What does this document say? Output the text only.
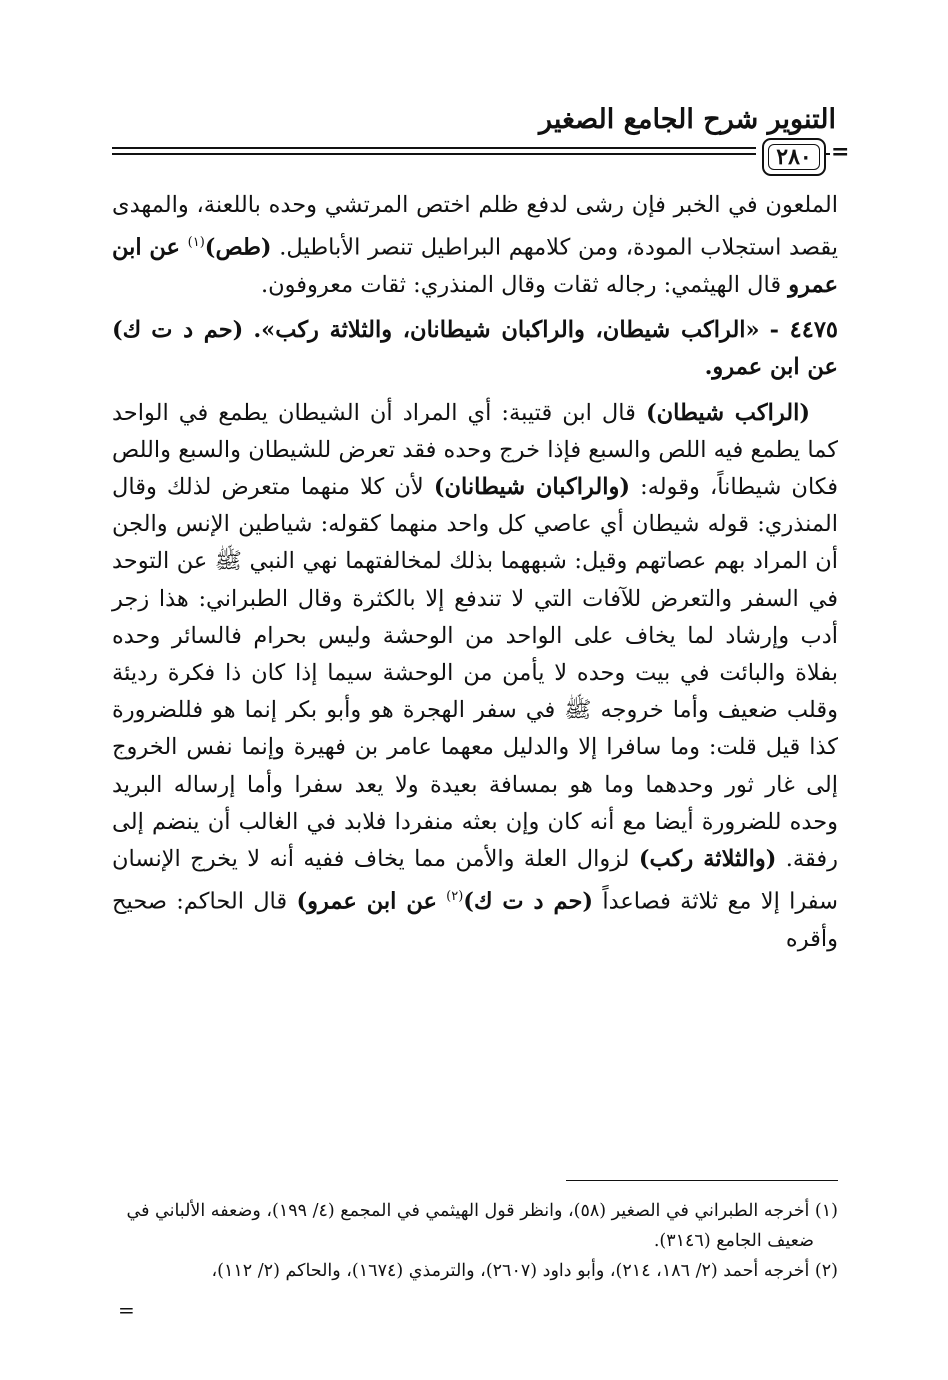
التنوير شرح الجامع الصغير
٢٨٠ =

الملعون في الخبر فإن رشى لدفع ظلم اختص المرتشي وحده باللعنة، والمهدى يقصد استجلاب المودة، ومن كلامهم البراطيل تنصر الأباطيل. (طص)$^{(١)}$ عن ابن عمرو قال الهيثمي: رجاله ثقات وقال المنذري: ثقات معروفون.

٤٤٧٥ - «الراكب شيطان، والراكبان شيطانان، والثلاثة ركب». (حم د ت ك) عن ابن عمرو.

(الراكب شيطان) قال ابن قتيبة: أي المراد أن الشيطان يطمع في الواحد كما يطمع فيه اللص والسبع فإذا خرج وحده فقد تعرض للشيطان والسبع واللص فكان شيطاناً، وقوله: (والراكبان شيطانان) لأن كلا منهما متعرض لذلك وقال المنذري: قوله شيطان أي عاصي كل واحد منهما كقوله: شياطين الإنس والجن أن المراد بهم عصاتهم وقيل: شبههما بذلك لمخالفتهما نهي النبي ﷺ عن التوحد في السفر والتعرض للآفات التي لا تندفع إلا بالكثرة وقال الطبراني: هذا زجر أدب وإرشاد لما يخاف على الواحد من الوحشة وليس بحرام فالسائر وحده بفلاة والبائت في بيت وحده لا يأمن من الوحشة سيما إذا كان ذا فكرة رديئة وقلب ضعيف وأما خروجه ﷺ في سفر الهجرة هو وأبو بكر إنما هو فللضرورة كذا قيل قلت: وما سافرا إلا والدليل معهما عامر بن فهيرة وإنما نفس الخروج إلى غار ثور وحدهما وما هو بمسافة بعيدة ولا يعد سفرا وأما إرساله البريد وحده للضرورة أيضا مع أنه كان وإن بعثه منفردا فلابد في الغالب أن ينضم إلى رفقة. (والثلاثة ركب) لزوال العلة والأمن مما يخاف ففيه أنه لا يخرج الإنسان سفرا إلا مع ثلاثة فصاعداً (حم د ت ك)$^{(٢)}$ عن ابن عمرو) قال الحاكم: صحيح وأقره

(١) أخرجه الطبراني في الصغير (٥٨)، وانظر قول الهيثمي في المجمع (٤/ ١٩٩)، وضعفه الألباني في

ضعيف الجامع (٣١٤٦).

(٢) أخرجه أحمد (٢/ ١٨٦، ٢١٤)، وأبو داود (٢٦٠٧)، والترمذي (١٦٧٤)، والحاكم (٢/ ١١٢)،

=
